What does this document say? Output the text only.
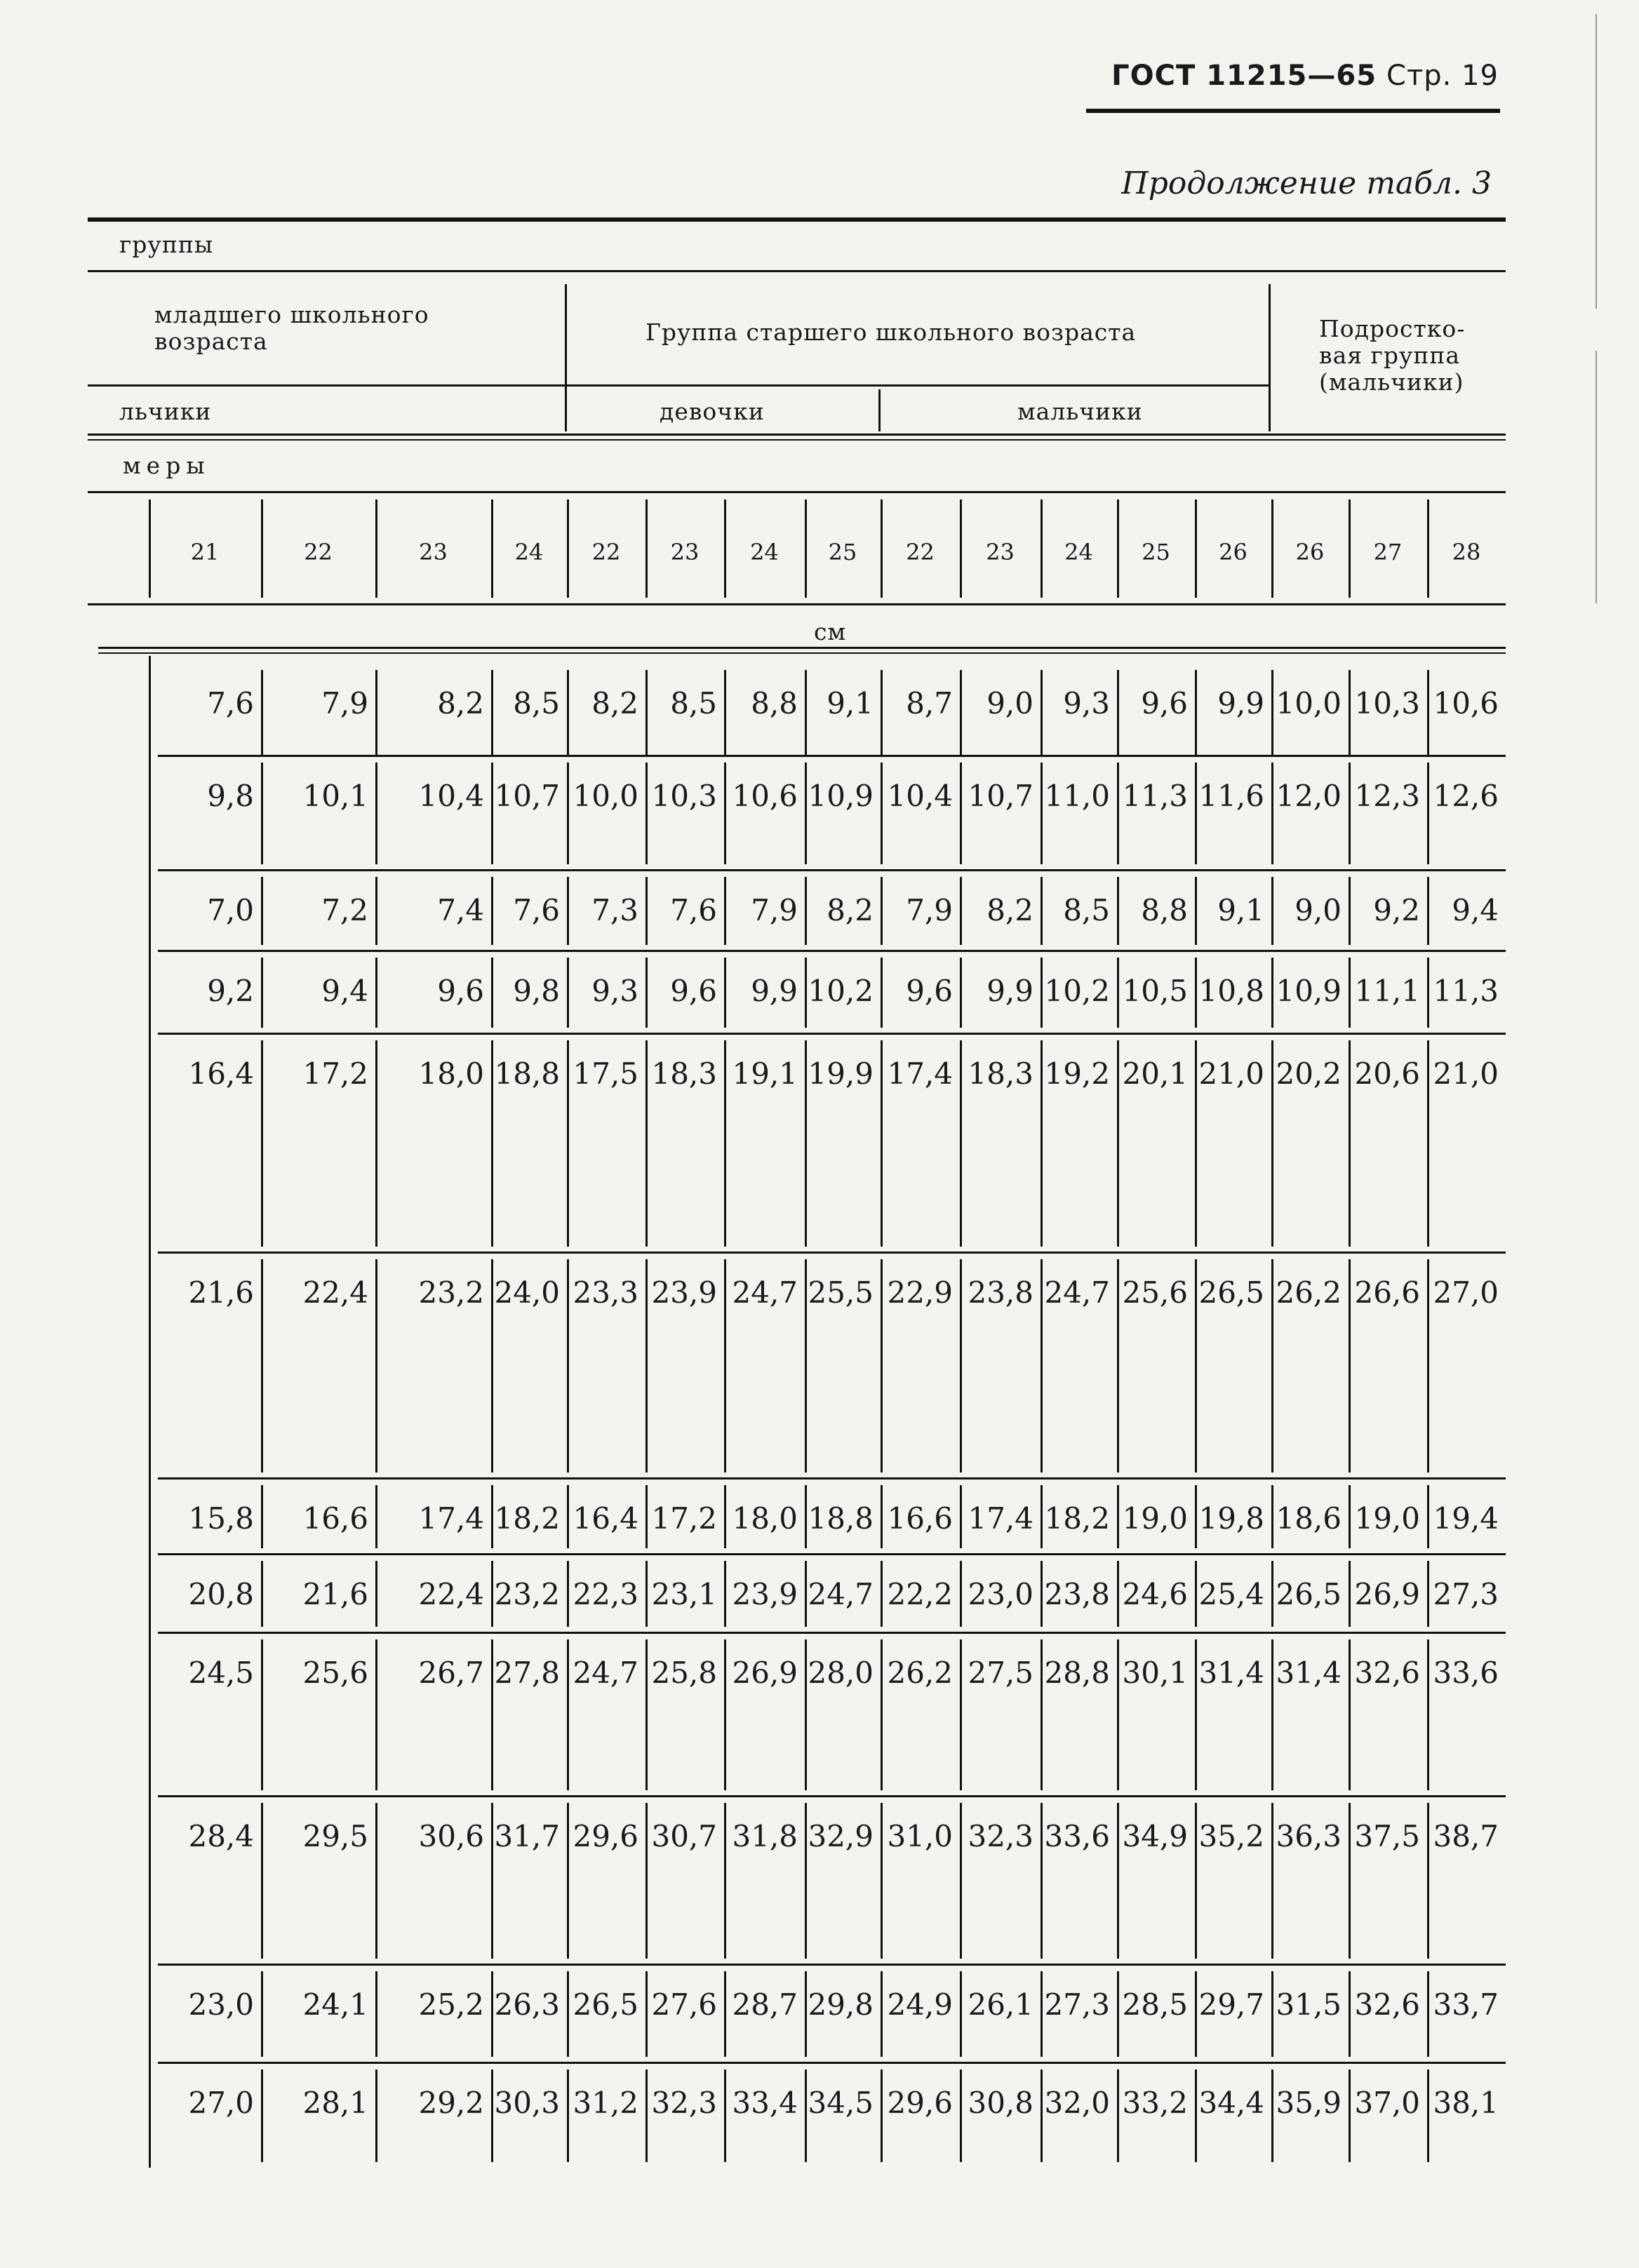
ГОСТ 11215—65 Стр. 19
Продолжение табл. 3
группы
младшего школьного возраста	Группа старшего школьного возраста	Подростко-вая группа (мальчики)
льчики	девочки	мальчики
меры
см
21	22	23	24	22	23	24	25	22	23	24	25	26	26	27	28
7,6	7,9	8,2 8,5	8,2	8,5	8,8 9,1	8,7	9,0	9,3	9,6	9,9 10,0 10,3 10,6
9,8	10,1	10,4 10,7 10,0 10,3 10,6 10,9 10,4 10,7 11,0 11,3 11,6 12,0 12,3 12,6
7,0	7,2	7,4 7,6	7,3	7,6	7,9 8,2	7,9	8,2	8,5	8,8	9,1	9,0	9,2	9,4
9,2	9,4	9,6 9,8	9,3	9,6	9,9 10,2	9,6	9,9 10,2 10,5 10,8 10,9 11,1 11,3
16,4	17,2	18,0 18,8 17,5 18,3 19,1 19,9 17,4 18,3 19,2 20,1 21,0 20,2 20,6 21,0
21,6	22,4	23,2 24,0 23,3 23,9 24,7 25,5 22,9 23,8 24,7 25,6 26,5 26,2 26,6 27,0
15,8	16,6	17,4 18,2 16,4 17,2 18,0 18,8 16,6 17,4 18,2 19,0 19,8 18,6 19,0 19,4
20,8	21,6	22,4 23,2 22,3 23,1 23,9 24,7 22,2 23,0 23,8 24,6 25,4 26,5 26,9 27,3
24,5	25,6	26,7 27,8 24,7 25,8 26,9 28,0 26,2 27,5 28,8 30,1 31,4 31,4 32,6 33,6
28,4	29,5	30,6 31,7 29,6 30,7 31,8 32,9 31,0 32,3 33,6 34,9 35,2 36,3 37,5 38,7
23,0	24,1	25,2 26,3 26,5 27,6 28,7 29,8 24,9 26,1 27,3 28,5 29,7 31,5 32,6 33,7
27,0	28,1	29,2 30,3 31,2 32,3 33,4 34,5 29,6 30,8 32,0 33,2 34,4 35,9 37,0 38,1
